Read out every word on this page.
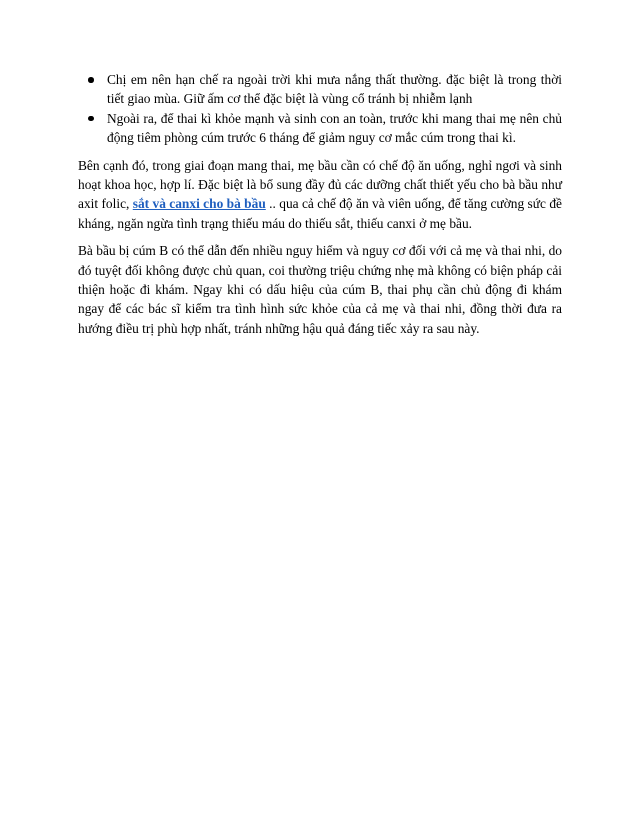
Chị em nên hạn chế ra ngoài trời khi mưa nắng thất thường. đặc biệt là trong thời tiết giao mùa. Giữ ấm cơ thể đặc biệt là vùng cổ tránh bị nhiễm lạnh
Ngoài ra, để thai kì khỏe mạnh và sinh con an toàn, trước khi mang thai mẹ nên chủ động tiêm phòng cúm trước 6 tháng để giảm nguy cơ mắc cúm trong thai kì.

Bên cạnh đó, trong giai đoạn mang thai, mẹ bầu cần có chế độ ăn uống, nghỉ ngơi và sinh hoạt khoa học, hợp lí. Đặc biệt là bổ sung đầy đủ các dưỡng chất thiết yếu cho bà bầu như axit folic, sắt và canxi cho bà bầu .. qua cả chế độ ăn và viên uống, để tăng cường sức đề kháng, ngăn ngừa tình trạng thiếu máu do thiếu sắt, thiếu canxi ở mẹ bầu.

Bà bầu bị cúm B có thể dẫn đến nhiều nguy hiểm và nguy cơ đối với cả mẹ và thai nhi, do đó tuyệt đối không được chủ quan, coi thường triệu chứng nhẹ mà không có biện pháp cải thiện hoặc đi khám. Ngay khi có dấu hiệu của cúm B, thai phụ cần chủ động đi khám ngay để các bác sĩ kiểm tra tình hình sức khỏe của cả mẹ và thai nhi, đồng thời đưa ra hướng điều trị phù hợp nhất, tránh những hậu quả đáng tiếc xảy ra sau này.
